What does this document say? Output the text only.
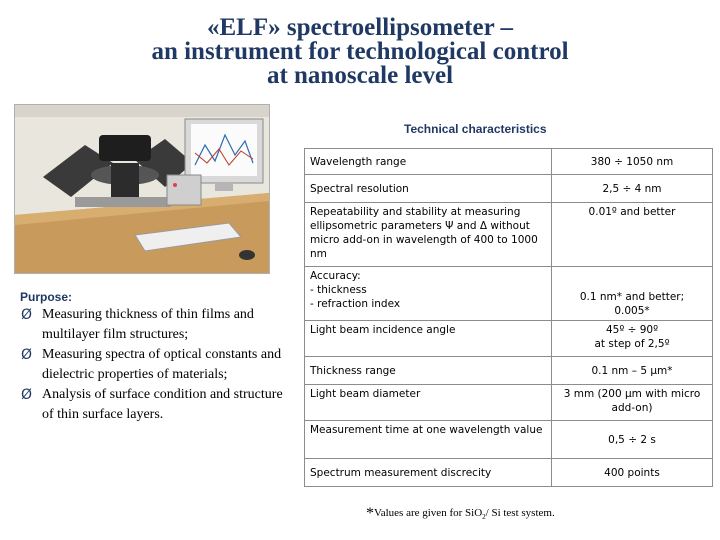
«ELF» spectroellipsometer –
an instrument for technological control
at nanoscale level
Technical characteristics
Purpose:
Ø Measuring thickness of thin films and multilayer film structures;
Ø Measuring spectra of optical constants and dielectric properties of materials;
Ø Analysis of surface condition and structure of thin surface layers.
Wavelength range	380 ÷ 1050 nm
Spectral resolution	2,5 ÷ 4 nm
Repeatability and stability at measuring ellipsometric parameters Ψ and Δ without micro add-on in wavelength of 400 to 1000 nm	0.01º and better
Accuracy:
- thickness
- refraction index	0.1 nm* and better;
0.005*
Light beam incidence angle	45º ÷ 90º
at step of 2,5º
Thickness range	0.1 nm – 5 μm*
Light beam diameter	3 mm (200 μm with micro add-on)
Measurement time at one wavelength value	0,5 ÷ 2 s
Spectrum measurement discrecity	400 points
*Values are given for SiO$_2$/ Si test system.
